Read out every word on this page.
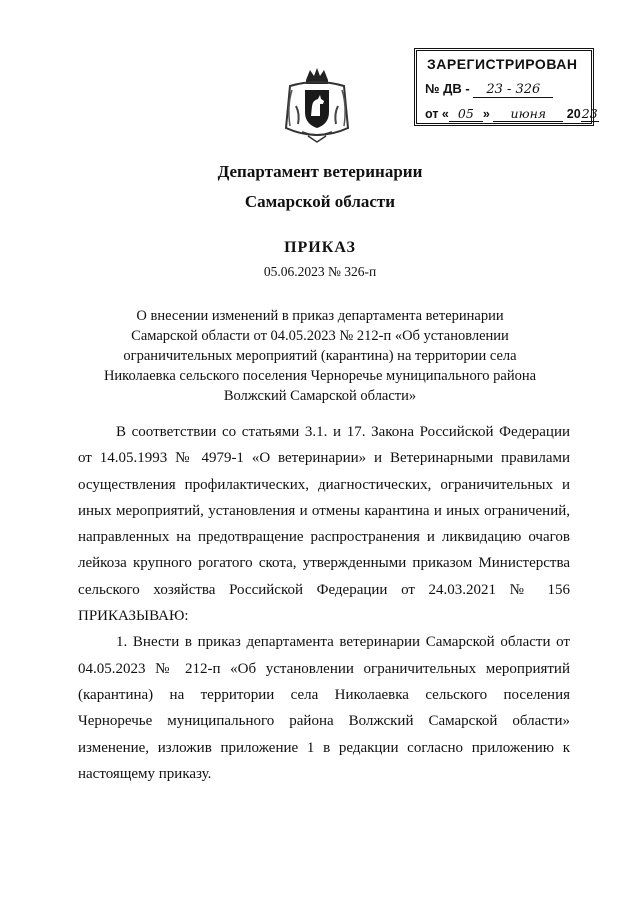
ЗАРЕГИСТРИРОВАН
№ ДВ - 23 - 326
от « 05 » июня 2023
Департамент ветеринарии
Самарской области
ПРИКАЗ
05.06.2023 № 326-п
О внесении изменений в приказ департамента ветеринарии
Самарской области от 04.05.2023 № 212-п «Об установлении
ограничительных мероприятий (карантина) на территории села
Николаевка сельского поселения Черноречье муниципального района
Волжский Самарской области»

В соответствии со статьями 3.1. и 17. Закона Российской Федерации от 14.05.1993 № 4979-1 «О ветеринарии» и Ветеринарными правилами осуществления профилактических, диагностических, ограничительных и иных мероприятий, установления и отмены карантина и иных ограничений, направленных на предотвращение распространения и ликвидацию очагов лейкоза крупного рогатого скота, утвержденными приказом Министерства сельского хозяйства Российской Федерации от 24.03.2021 № 156 ПРИКАЗЫВАЮ:

1. Внести в приказ департамента ветеринарии Самарской области от 04.05.2023 № 212-п «Об установлении ограничительных мероприятий (карантина) на территории села Николаевка сельского поселения Черноречье муниципального района Волжский Самарской области» изменение, изложив приложение 1 в редакции согласно приложению к настоящему приказу.
